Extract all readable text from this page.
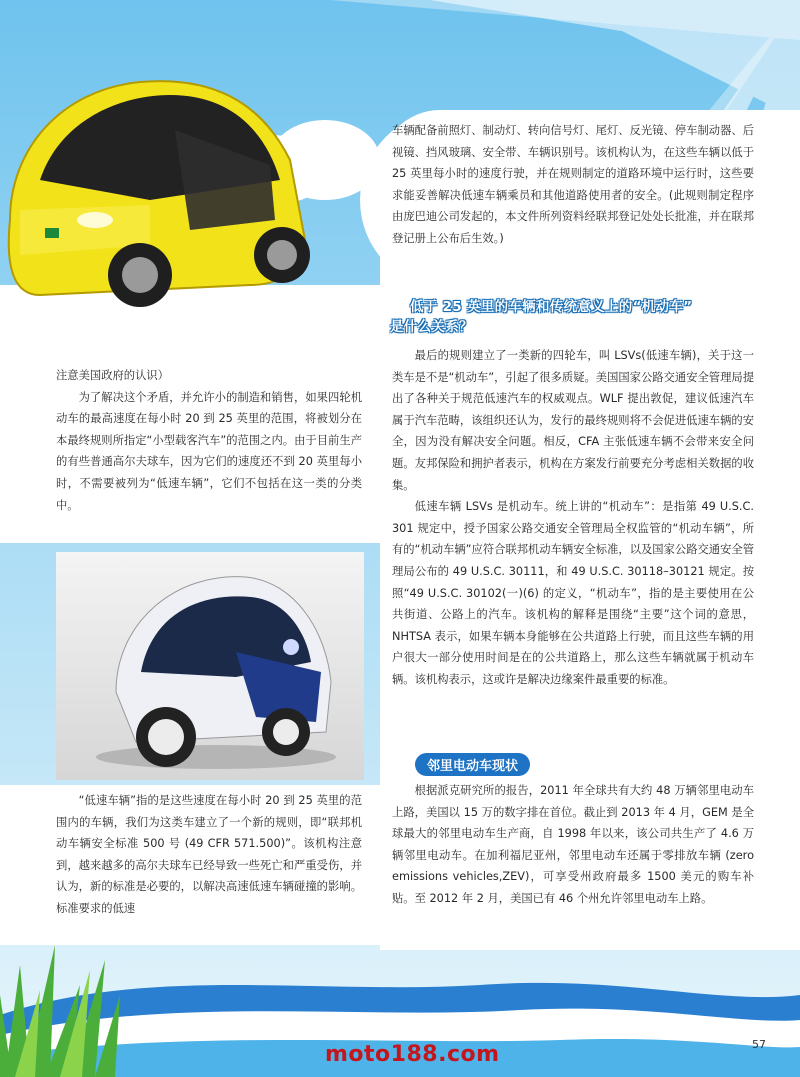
车辆配备前照灯、制动灯、转向信号灯、尾灯、反光镜、停车制动器、后视镜、挡风玻璃、安全带、车辆识别号。该机构认为，在这些车辆以低于 25 英里每小时的速度行驶，并在规则制定的道路环境中运行时，这些要求能妥善解决低速车辆乘员和其他道路使用者的安全。(此规则制定程序由庞巴迪公司发起的，本文件所列资料经联邦登记处处长批准，并在联邦登记册上公布后生效。)

低于 25 英里的车辆和传统意义上的“机动车”
是什么关系？

最后的规则建立了一类新的四轮车，叫 LSVs(低速车辆)，关于这一类车是不是“机动车”，引起了很多质疑。美国国家公路交通安全管理局提出了各种关于规范低速汽车的权威观点。WLF 提出敦促，建议低速汽车属于汽车范畴，该组织还认为，发行的最终规则将不会促进低速车辆的安全，因为没有解决安全问题。相反，CFA 主张低速车辆不会带来安全问题。友邦保险和拥护者表示，机构在方案发行前要充分考虑相关数据的收集。

低速车辆 LSVs 是机动车。统上讲的“机动车”：是指第 49 U.S.C. 301 规定中，授予国家公路交通安全管理局全权监管的“机动车辆”，所有的“机动车辆”应符合联邦机动车辆安全标准，以及国家公路交通安全管理局公布的 49 U.S.C. 30111，和 49 U.S.C. 30118–30121 规定。按照“49 U.S.C. 30102(一)(6) 的定义，“机动车”，指的是主要使用在公共街道、公路上的汽车。该机构的解释是围绕“主要”这个词的意思，NHTSA 表示，如果车辆本身能够在公共道路上行驶，而且这些车辆的用户很大一部分使用时间是在的公共道路上，那么这些车辆就属于机动车辆。该机构表示，这或许是解决边缘案件最重要的标准。

邻里电动车现状

根据派克研究所的报告，2011 年全球共有大约 48 万辆邻里电动车上路，美国以 15 万的数字排在首位。截止到 2013 年 4 月，GEM 是全球最大的邻里电动车生产商，自 1998 年以来，该公司共生产了 4.6 万辆邻里电动车。在加利福尼亚州，邻里电动车还属于零排放车辆 (zero emissions vehicles,ZEV)，可享受州政府最多 1500 美元的购车补贴。至 2012 年 2 月，美国已有 46 个州允许邻里电动车上路。

注意美国政府的认识）

为了解决这个矛盾，并允许小的制造和销售，如果四轮机动车的最高速度在每小时 20 到 25 英里的范围，将被划分在本最终规则所指定“小型载客汽车”的范围之内。由于目前生产的有些普通高尔夫球车，因为它们的速度还不到 20 英里每小时，不需要被列为“低速车辆”，它们不包括在这一类的分类中。

“低速车辆”指的是这些速度在每小时 20 到 25 英里的范围内的车辆，我们为这类车建立了一个新的规则，即“联邦机动车辆安全标准 500 号 (49 CFR 571.500)”。该机构注意到，越来越多的高尔夫球车已经导致一些死亡和严重受伤，并认为，新的标准是必要的，以解决高速低速车辆碰撞的影响。标准要求的低速

57
moto188.com
